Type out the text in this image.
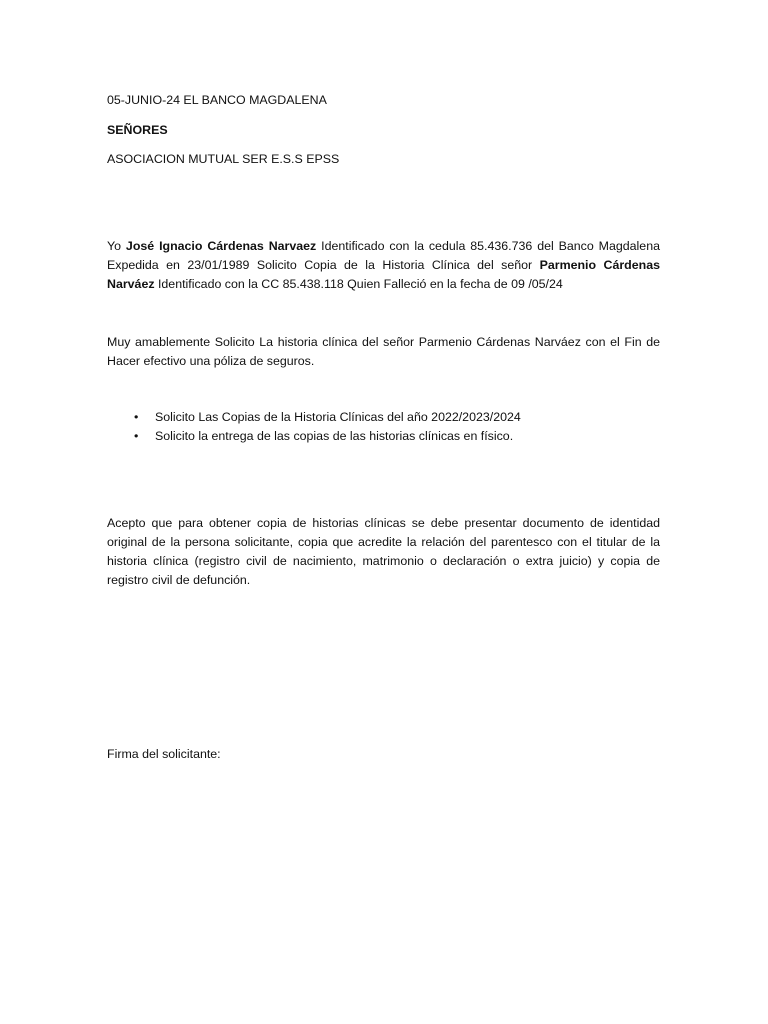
05-JUNIO-24 EL BANCO MAGDALENA

SEÑORES

ASOCIACION MUTUAL SER E.S.S EPSS

Yo José Ignacio Cárdenas Narvaez Identificado con la cedula 85.436.736 del Banco Magdalena Expedida en 23/01/1989 Solicito Copia de la Historia Clínica del señor Parmenio Cárdenas Narváez Identificado con la CC 85.438.118 Quien Falleció en la fecha de 09 /05/24

Muy amablemente Solicito La historia clínica del señor Parmenio Cárdenas Narváez con el Fin de Hacer efectivo una póliza de seguros.

• Solicito Las Copias de la Historia Clínicas del año 2022/2023/2024
• Solicito la entrega de las copias de las historias clínicas en físico.

Acepto que para obtener copia de historias clínicas se debe presentar documento de identidad original de la persona solicitante, copia que acredite la relación del parentesco con el titular de la historia clínica (registro civil de nacimiento, matrimonio o declaración o extra juicio) y copia de registro civil de defunción.

Firma del solicitante:
